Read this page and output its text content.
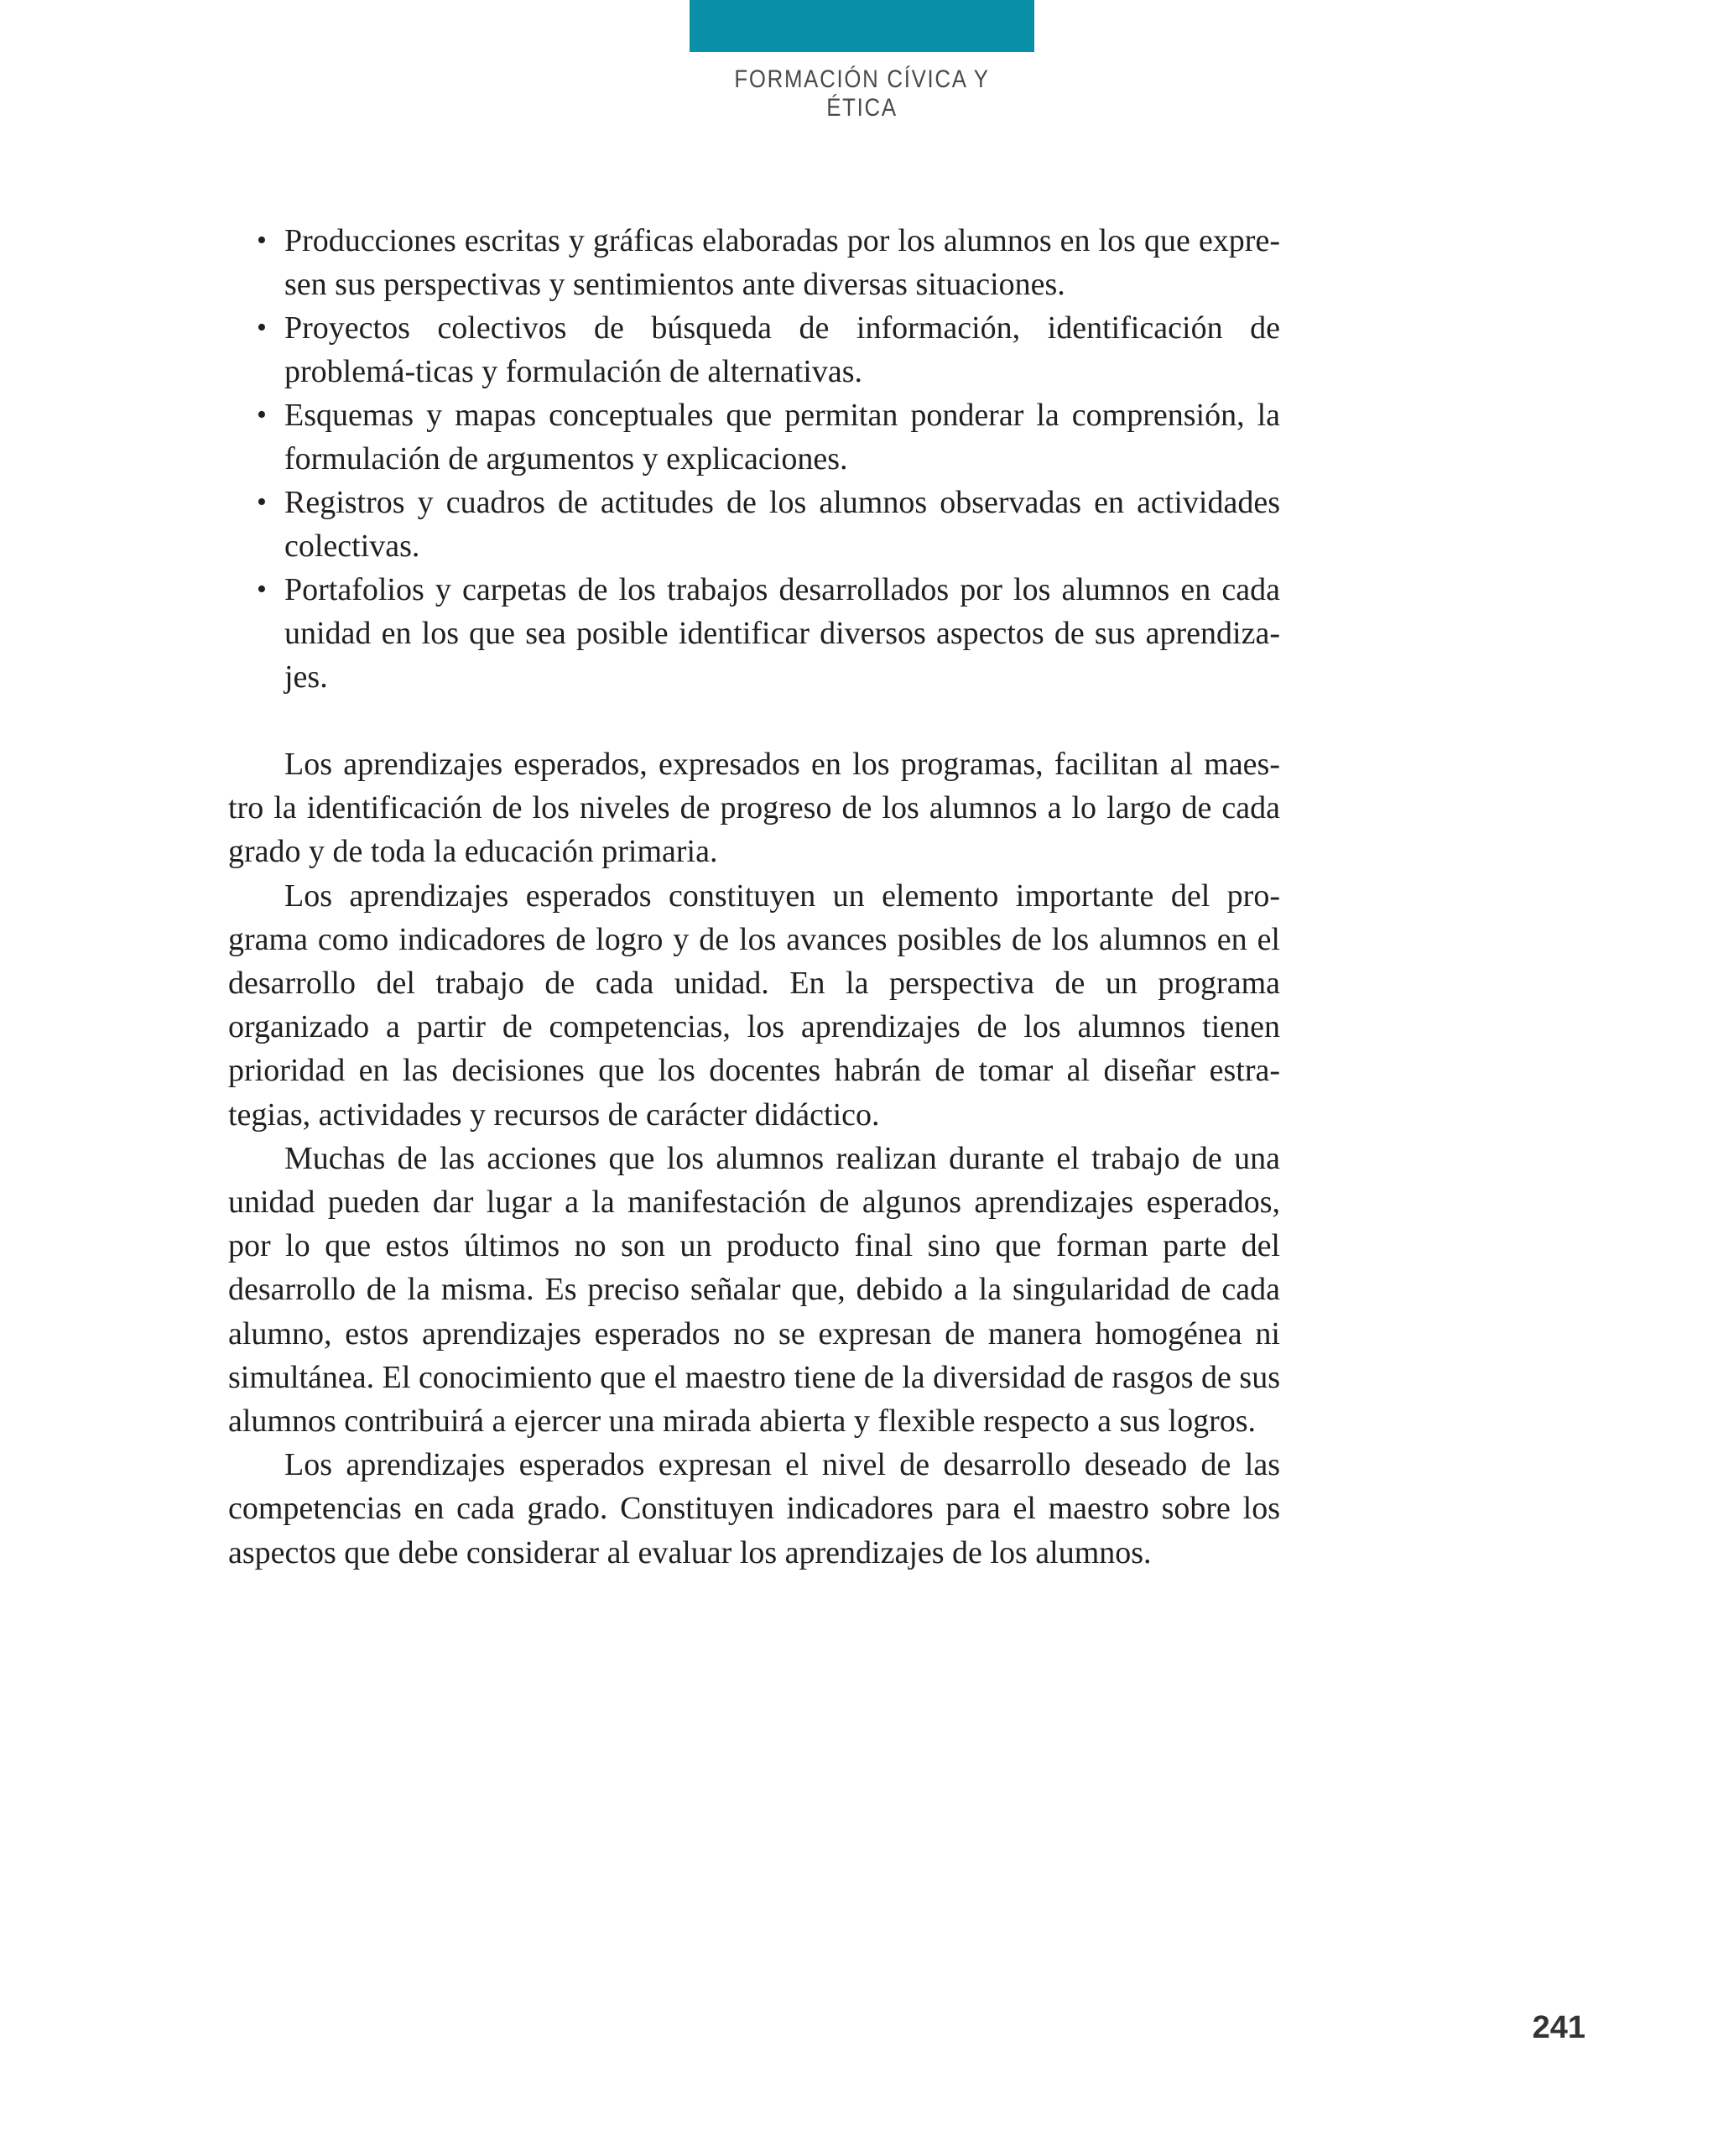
FORMACIÓN CÍVICA Y ÉTICA
• Producciones escritas y gráficas elaboradas por los alumnos en los que expre-sen sus perspectivas y sentimientos ante diversas situaciones.
• Proyectos colectivos de búsqueda de información, identificación de problemá-ticas y formulación de alternativas.
• Esquemas y mapas conceptuales que permitan ponderar la comprensión, la formulación de argumentos y explicaciones.
• Registros y cuadros de actitudes de los alumnos observadas en actividades colectivas.
• Portafolios y carpetas de los trabajos desarrollados por los alumnos en cada unidad en los que sea posible identificar diversos aspectos de sus aprendiza-jes.

Los aprendizajes esperados, expresados en los programas, facilitan al maes-tro la identificación de los niveles de progreso de los alumnos a lo largo de cada grado y de toda la educación primaria.

Los aprendizajes esperados constituyen un elemento importante del pro-grama como indicadores de logro y de los avances posibles de los alumnos en el desarrollo del trabajo de cada unidad. En la perspectiva de un programa organizado a partir de competencias, los aprendizajes de los alumnos tienen prioridad en las decisiones que los docentes habrán de tomar al diseñar estra-tegias, actividades y recursos de carácter didáctico.

Muchas de las acciones que los alumnos realizan durante el trabajo de una unidad pueden dar lugar a la manifestación de algunos aprendizajes esperados, por lo que estos últimos no son un producto final sino que forman parte del desarrollo de la misma. Es preciso señalar que, debido a la singularidad de cada alumno, estos aprendizajes esperados no se expresan de manera homogénea ni simultánea. El conocimiento que el maestro tiene de la diversidad de rasgos de sus alumnos contribuirá a ejercer una mirada abierta y flexible respecto a sus logros.

Los aprendizajes esperados expresan el nivel de desarrollo deseado de las competencias en cada grado. Constituyen indicadores para el maestro sobre los aspectos que debe considerar al evaluar los aprendizajes de los alumnos.

241
